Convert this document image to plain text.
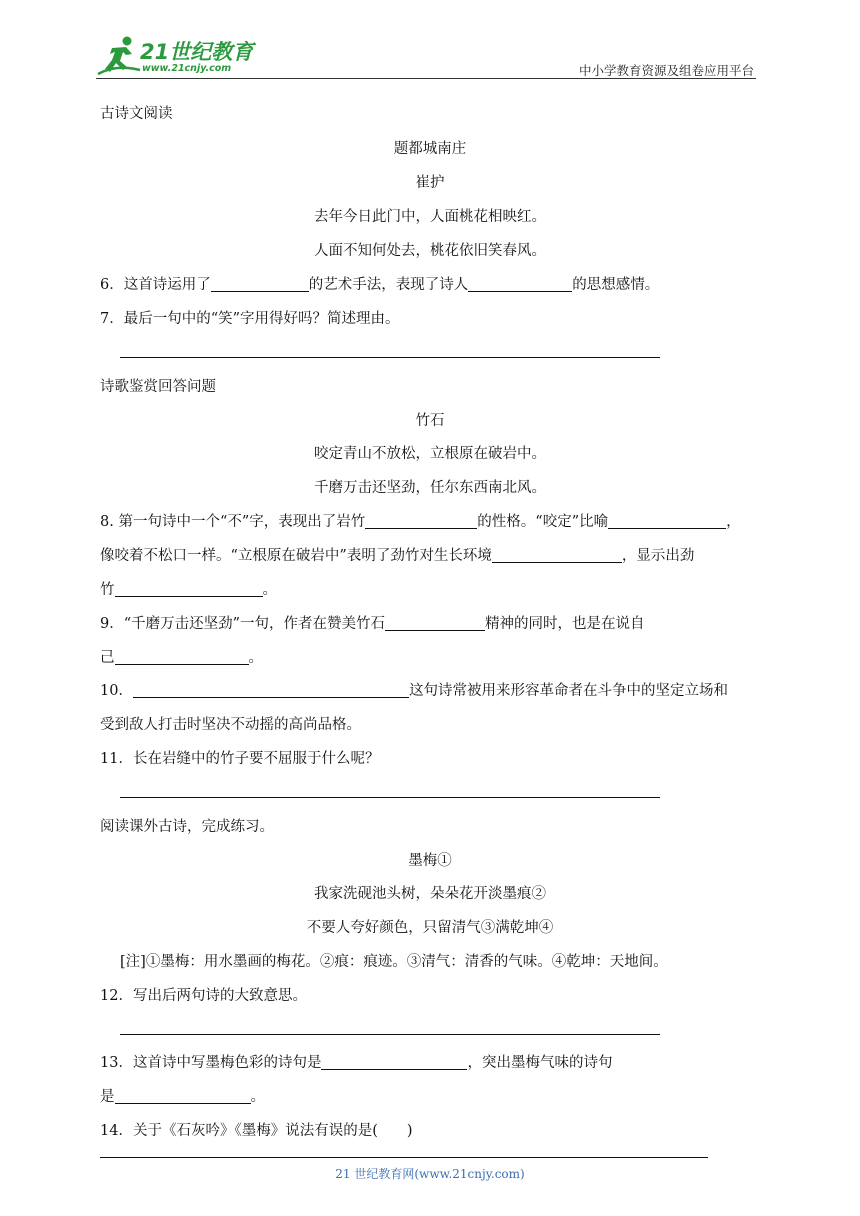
21世纪教育
www.21cnjy.com	中小学教育资源及组卷应用平台
古诗文阅读
题都城南庄
崔护
去年今日此门中，人面桃花相映红。
人面不知何处去，桃花依旧笑春风。
6．这首诗运用了	的艺术手法，表现了诗人	的思想感情。
7．最后一句中的“笑”字用得好吗？简述理由。
诗歌鉴赏回答问题
竹石
咬定青山不放松，立根原在破岩中。
千磨万击还坚劲，任尔东西南北风。
8. 第一句诗中一个“不”字，表现出了岩竹	的性格。“咬定”比喻	，
像咬着不松口一样。“立根原在破岩中”表明了劲竹对生长环境	，显示出劲
竹	。
9．“千磨万击还坚劲”一句，作者在赞美竹石	精神的同时，也是在说自
己	。
10．	这句诗常被用来形容革命者在斗争中的坚定立场和
受到敌人打击时坚决不动摇的高尚品格。
11．长在岩缝中的竹子要不屈服于什么呢？
阅读课外古诗，完成练习。
墨梅①
我家洗砚池头树，朵朵花开淡墨痕②
不要人夸好颜色，只留清气③满乾坤④
[注]①墨梅：用水墨画的梅花。②痕：痕迹。③清气：清香的气味。④乾坤：天地间。
12．写出后两句诗的大致意思。
13．这首诗中写墨梅色彩的诗句是	，突出墨梅气味的诗句
是	。
14．关于《石灰吟》《墨梅》说法有误的是(　　)
21 世纪教育网(www.21cnjy.com)
